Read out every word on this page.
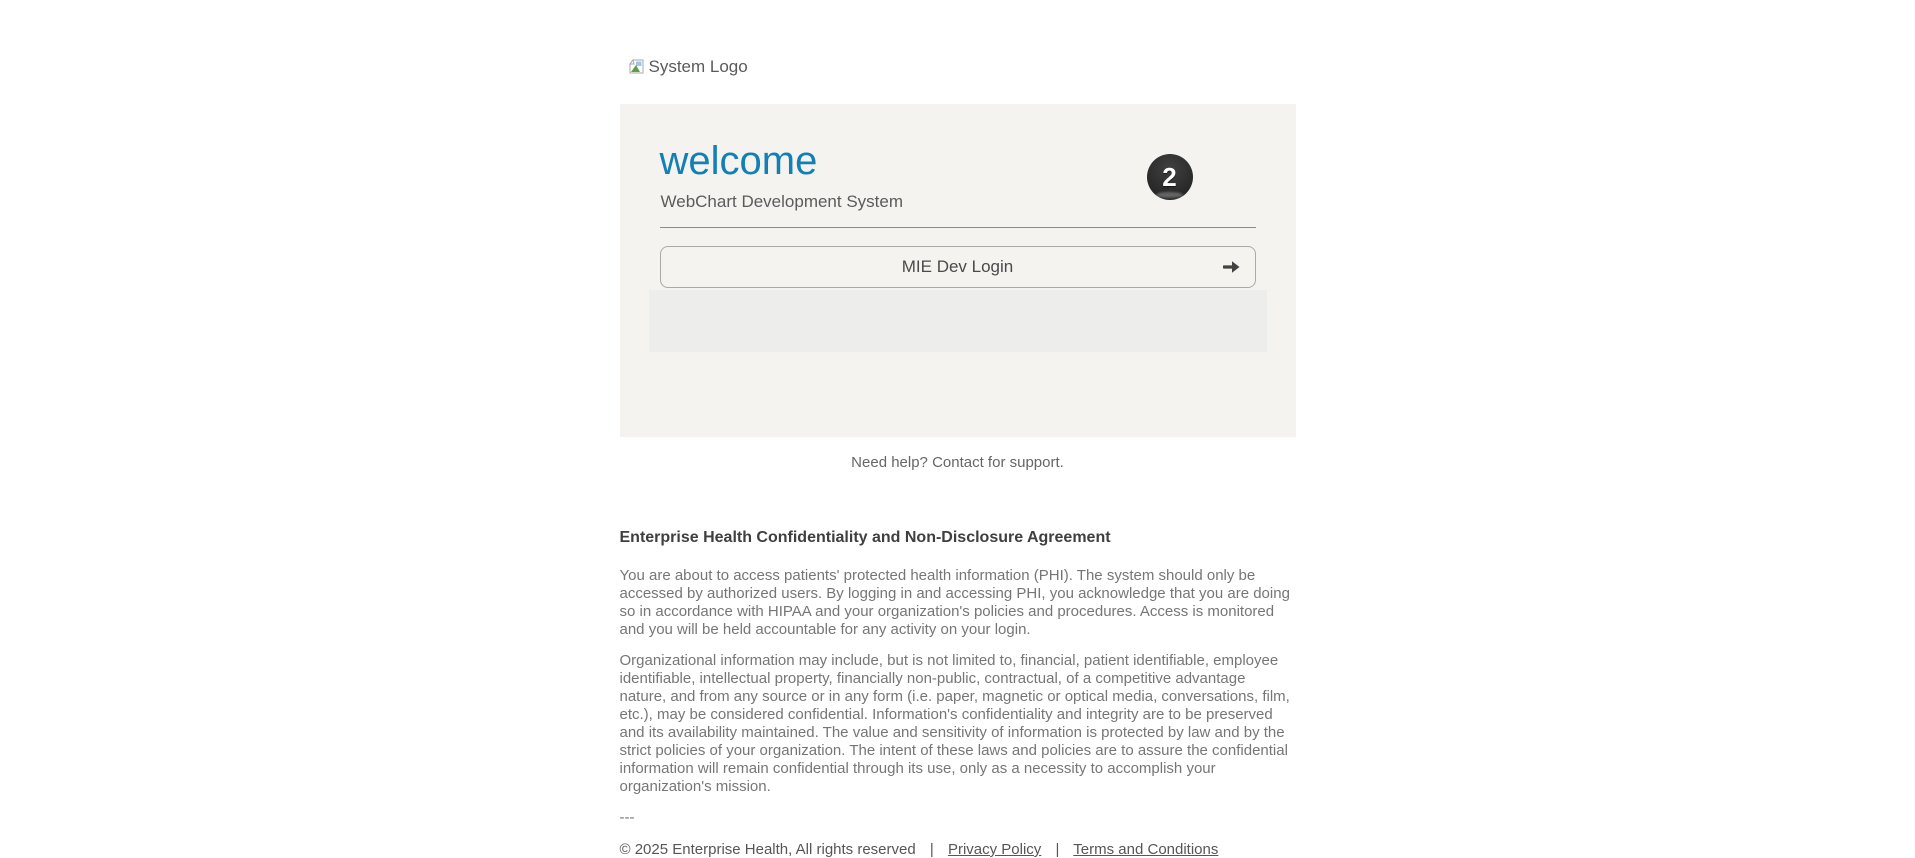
System Logo
welcome
WebChart Development System
MIE Dev Login
2
Need help? Contact for support.
Enterprise Health Confidentiality and Non-Disclosure Agreement

You are about to access patients' protected health information (PHI). The system should only be accessed by authorized users. By logging in and accessing PHI, you acknowledge that you are doing so in accordance with HIPAA and your organization's policies and procedures. Access is monitored and you will be held accountable for any activity on your login.

Organizational information may include, but is not limited to, financial, patient identifiable, employee identifiable, intellectual property, financially non-public, contractual, of a competitive advantage nature, and from any source or in any form (i.e. paper, magnetic or optical media, conversations, film, etc.), may be considered confidential. Information's confidentiality and integrity are to be preserved and its availability maintained. The value and sensitivity of information is protected by law and by the strict policies of your organization. The intent of these laws and policies are to assure the confidential information will remain confidential through its use, only as a necessity to accomplish your organization's mission.

---

© 2025 Enterprise Health, All rights reserved | Privacy Policy | Terms and Conditions
